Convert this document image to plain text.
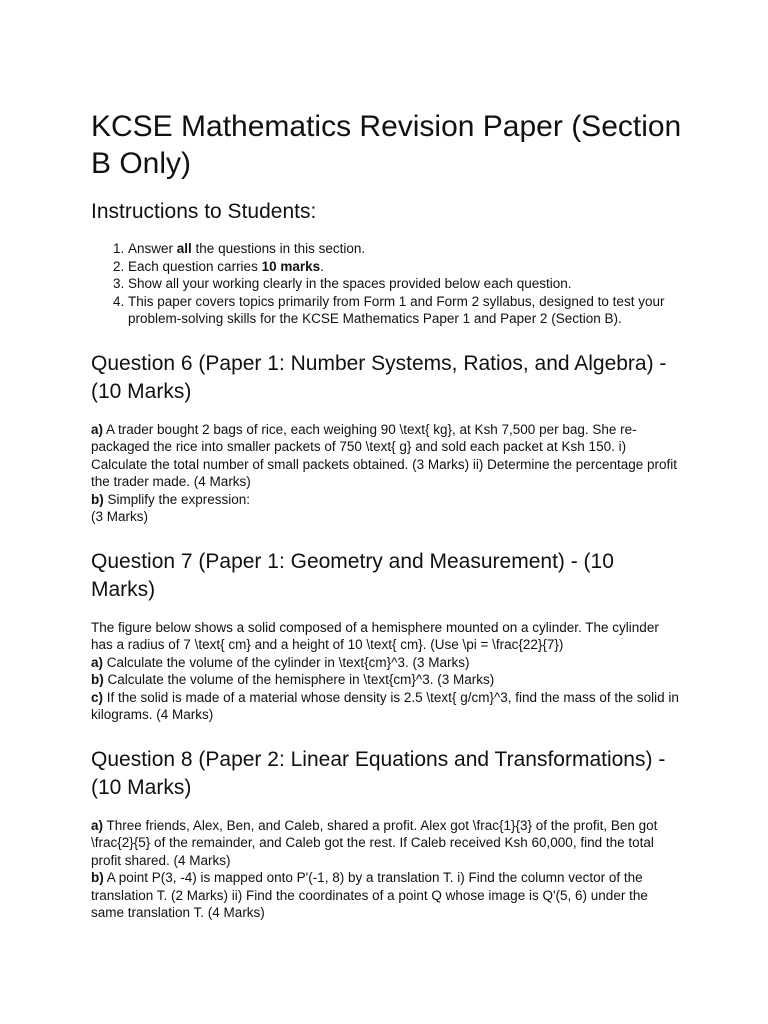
KCSE Mathematics Revision Paper (Section B Only)
Instructions to Students:
1. Answer all the questions in this section.
2. Each question carries 10 marks.
3. Show all your working clearly in the spaces provided below each question.
4. This paper covers topics primarily from Form 1 and Form 2 syllabus, designed to test your problem-solving skills for the KCSE Mathematics Paper 1 and Paper 2 (Section B).
Question 6 (Paper 1: Number Systems, Ratios, and Algebra) - (10 Marks)

a) A trader bought 2 bags of rice, each weighing 90 \text{ kg}, at Ksh 7,500 per bag. She re-packaged the rice into smaller packets of 750 \text{ g} and sold each packet at Ksh 150. i) Calculate the total number of small packets obtained. (3 Marks) ii) Determine the percentage profit the trader made. (4 Marks)

b) Simplify the expression:

(3 Marks)

Question 7 (Paper 1: Geometry and Measurement) - (10 Marks)

The figure below shows a solid composed of a hemisphere mounted on a cylinder. The cylinder has a radius of 7 \text{ cm} and a height of 10 \text{ cm}. (Use \pi = \frac{22}{7})

a) Calculate the volume of the cylinder in \text{cm}^3. (3 Marks)

b) Calculate the volume of the hemisphere in \text{cm}^3. (3 Marks)

c) If the solid is made of a material whose density is 2.5 \text{ g/cm}^3, find the mass of the solid in kilograms. (4 Marks)

Question 8 (Paper 2: Linear Equations and Transformations) - (10 Marks)

a) Three friends, Alex, Ben, and Caleb, shared a profit. Alex got \frac{1}{3} of the profit, Ben got \frac{2}{5} of the remainder, and Caleb got the rest. If Caleb received Ksh 60,000, find the total profit shared. (4 Marks)

b) A point P(3, -4) is mapped onto P'(-1, 8) by a translation T. i) Find the column vector of the translation T. (2 Marks) ii) Find the coordinates of a point Q whose image is Q'(5, 6) under the same translation T. (4 Marks)
